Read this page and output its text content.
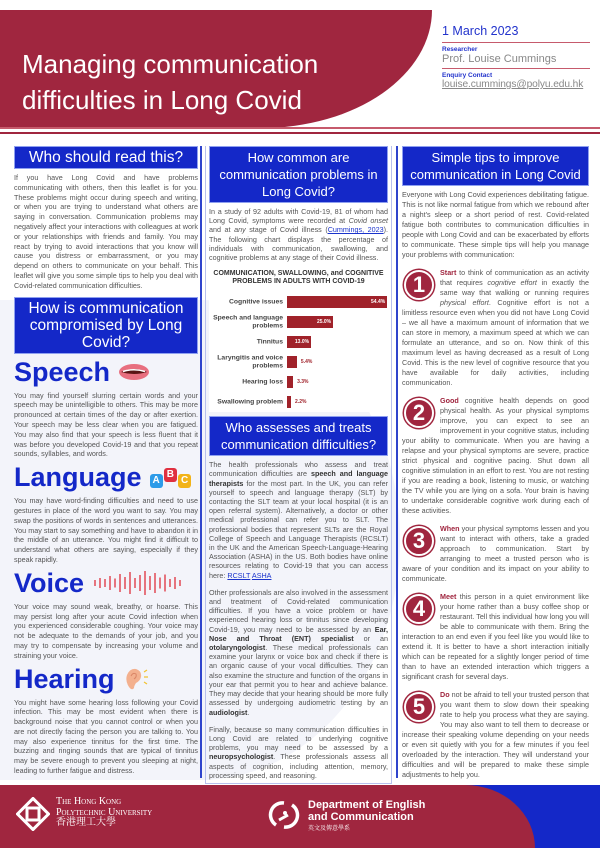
Managing communication
difficulties in Long Covid
1 March 2023
Researcher
Prof. Louise Cummings
Enquiry Contact
louise.cummings@polyu.edu.hk
Who should read this?

If you have Long Covid and have problems communicating with others, then this leaflet is for you. These problems might occur during speech and writing, or when you are trying to understand what others are saying in conversation. Communication problems may negatively affect your interactions with colleagues at work or your relationships with friends and family. You may react by trying to avoid interactions that you know will cause you distress or embarrassment, or you may depend on others to communicate on your behalf. This leaflet will give you some simple tips to help you deal with Covid-related communication difficulties.

How is communication compromised by Long Covid?
Speech

You may find yourself slurring certain words and your speech may be unintelligible to others. This may be more pronounced at certain times of the day or after exertion. Your speech may be less clear when you are fatigued. You may also find that your speech is less fluent that it was before you developed Covid-19 and that you repeat sounds, syllables, and words.

Language	A
B
C

You may have word-finding difficulties and need to use gestures in place of the word you want to say. You may swap the positions of words in sentences and utterances. You may start to say something and have to abandon it in the middle of an utterance. You might find it difficult to understand what others are saying, especially if they speak rapidly.

Voice

Your voice may sound weak, breathy, or hoarse. This may persist long after your acute Covid infection when you experienced considerable coughing. Your voice may not be adequate to the demands of your job, and you may try to compensate by increasing your volume and straining your voice.

Hearing

You might have some hearing loss following your Covid infection. This may be most evident when there is background noise that you cannot control or when you are not directly facing the person you are talking to. You may also experience tinnitus for the first time. The buzzing and ringing sounds that are typical of tinnitus may be severe enough to prevent you sleeping at night, leading to further fatigue and distress.

How common are communication problems in Long Covid?

In a study of 92 adults with Covid-19, 81 of whom had Long Covid, symptoms were recorded at Covid onset and at any stage of Covid illness (Cummings, 2023). The following chart displays the percentage of individuals with communication, swallowing, and cognitive problems at any stage of their Covid illness.

COMMUNICATION, SWALLOWING, and COGNITIVE PROBLEMS IN ADULTS WITH COVID-19
Cognitive issues	54.4%
Speech and language problems	25.0%
Tinnitus 13.0%
Laryngitis and voice problems	5.4%
Hearing loss	3.3%
Swallowing problem 2.2%
Who assesses and treats communication difficulties?

The health professionals who assess and treat communication difficulties are speech and language therapists for the most part. In the UK, you can refer yourself to speech and language therapy (SLT) by contacting the SLT team at your local hospital (it is an open referral system). Alternatively, a doctor or other medical professional can refer you to SLT. The professional bodies that represent SLTs are the Royal College of Speech and Language Therapists (RCSLT) in the UK and the American Speech-Language-Hearing Association (ASHA) in the US. Both bodies have online resources relating to Covid-19 that you can access here: RCSLT ASHA

Other professionals are also involved in the assessment and treatment of Covid-related communication difficulties. If you have a voice problem or have experienced hearing loss or tinnitus since developing Covid-19, you may need to be assessed by an Ear, Nose and Throat (ENT) specialist or an otolaryngologist. These medical professionals can examine your larynx or voice box and check if there is an organic cause of your vocal difficulties. They can also examine the structure and function of the organs in your ear that permit you to hear and achieve balance. They may decide that your hearing should be more fully assessed by undergoing audiometric testing by an audiologist.

Finally, because so many communication difficulties in Long Covid are related to underlying cognitive problems, you may need to be assessed by a neuropsychologist. These professionals assess all aspects of cognition, including attention, memory, processing speed, and reasoning.

Simple tips to improve communication in Long Covid

Everyone with Long Covid experiences debilitating fatigue. This is not like normal fatigue from which we rebound after a night's sleep or a short period of rest. Covid-related fatigue both contributes to communication difficulties in people with Long Covid and can be exacerbated by efforts to communicate. These simple tips will help you manage your problems with communication:

1	Start to think of communication as an activity that requires cognitive effort in exactly the same way that walking or running requires physical effort. Cognitive effort is not a limitless resource even when you did not have Long Covid – we all have a maximum amount of information that we can store in memory, a maximum speed at which we can formulate an utterance, and so on. Now think of this maximum level as having decreased as a result of Long Covid. This is the new level of cognitive resource that you have available for daily activities, including communication.
2	Good cognitive health depends on good physical health. As your physical symptoms improve, you can expect to see an improvement in your cognitive status, including your ability to communicate. When you are having a relapse and your physical symptoms are severe, practice strict physical and cognitive pacing. Shut down all cognitive stimulation in an effort to rest. You are not resting if you are reading a book, listening to music, or watching the TV while you are lying on a sofa. Your brain is having to undertake considerable cognitive work during each of these activities.
3	When your physical symptoms lessen and you want to interact with others, take a graded approach to communication. Start by arranging to meet a trusted person who is aware of your condition and its impact on your ability to communicate.
4	Meet this person in a quiet environment like your home rather than a busy coffee shop or restaurant. Tell this individual how long you will be able to communicate with them. Bring the interaction to an end even if you feel like you would like to extend it. It is better to have a short interaction initially which can be repeated for a slightly longer period of time than to have an extended interaction which triggers a significant crash for several days.
5	Do not be afraid to tell your trusted person that you want them to slow down their speaking rate to help you process what they are saying. You may also want to tell them to decrease or increase their speaking volume depending on your needs or even sit quietly with you for a few minutes if you feel overloaded by the interaction. They will understand your difficulties and will be prepared to make these simple adjustments to help you.
The Hong Kong
Polytechnic University
香港理工大學
Department of English
and Communication
英文及傳意學系
